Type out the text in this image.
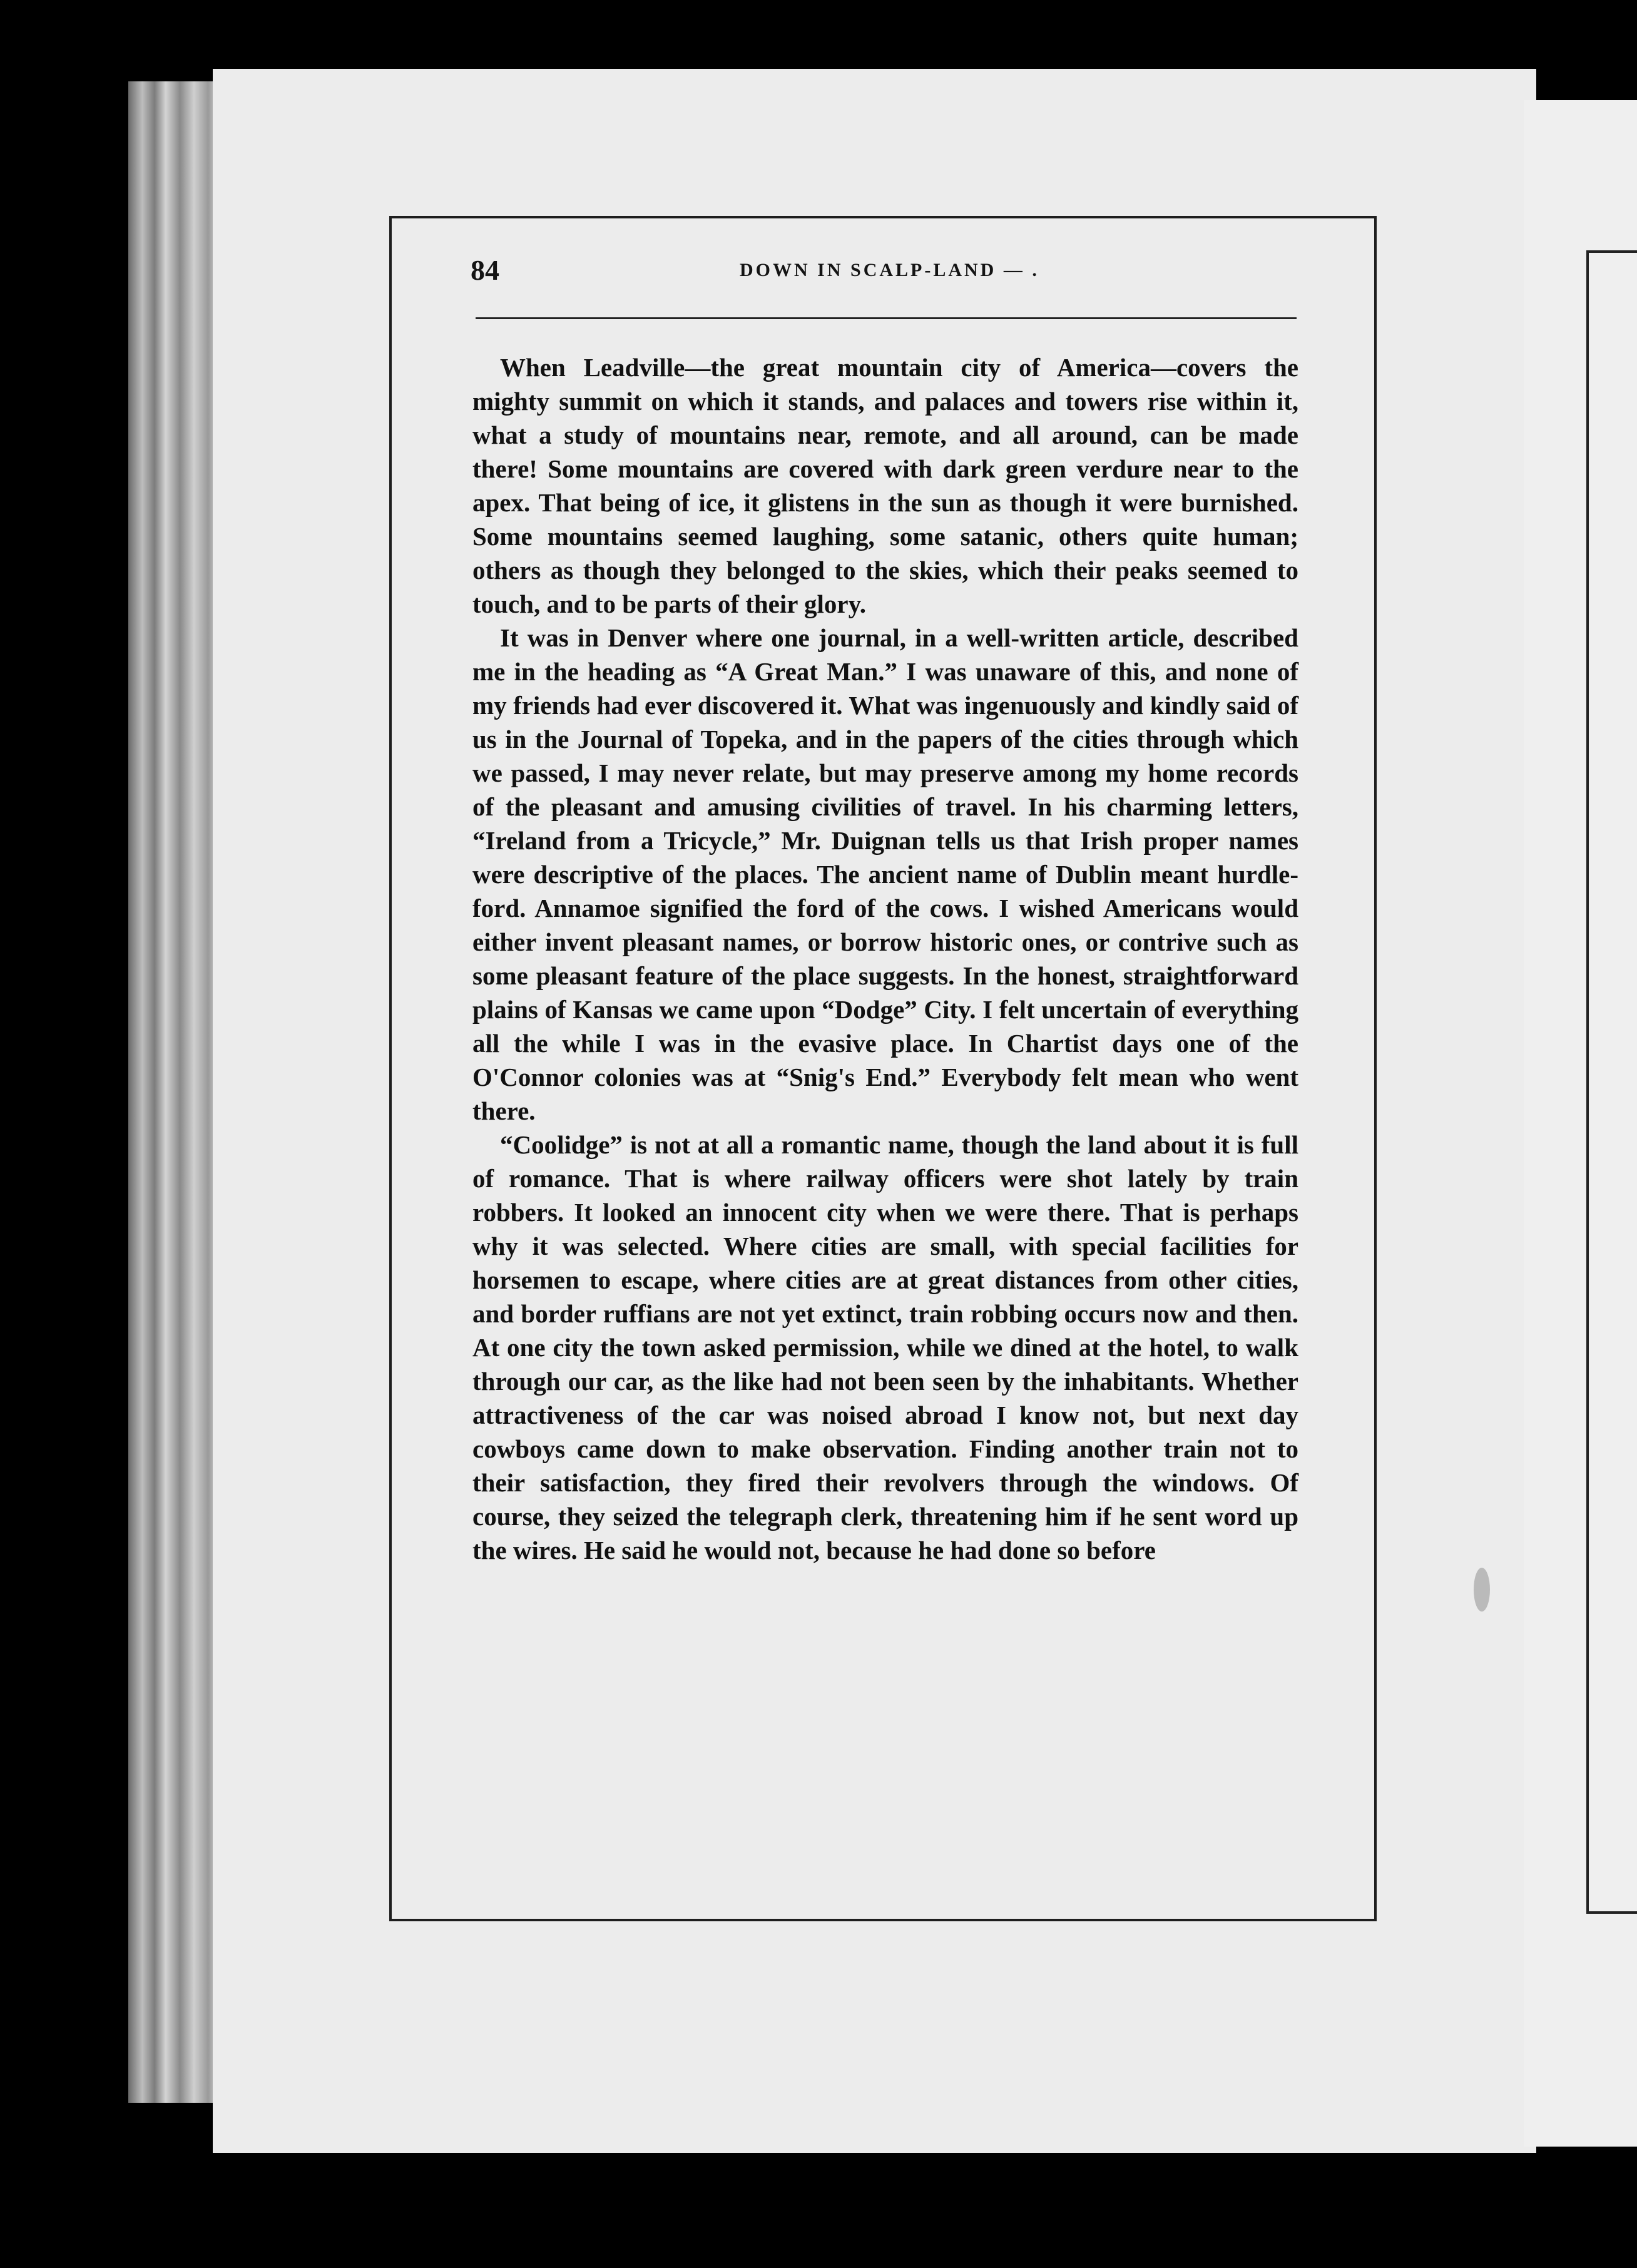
84	DOWN IN SCALP-LAND — .

When Leadville—the great mountain city of America—covers the mighty summit on which it stands, and palaces and towers rise within it, what a study of mountains near, remote, and all around, can be made there! Some mountains are covered with dark green verdure near to the apex. That being of ice, it glistens in the sun as though it were burnished. Some mountains seemed laughing, some satanic, others quite human; others as though they belonged to the skies, which their peaks seemed to touch, and to be parts of their glory.

It was in Denver where one journal, in a well-written article, described me in the heading as “A Great Man.” I was unaware of this, and none of my friends had ever discovered it. What was ingenuously and kindly said of us in the Journal of Topeka, and in the papers of the cities through which we passed, I may never relate, but may preserve among my home records of the pleasant and amusing civilities of travel. In his charming letters, “Ireland from a Tricycle,” Mr. Duignan tells us that Irish proper names were descriptive of the places. The ancient name of Dublin meant hurdle-ford. Annamoe signified the ford of the cows. I wished Americans would either invent pleasant names, or borrow historic ones, or contrive such as some pleasant feature of the place suggests. In the honest, straightforward plains of Kansas we came upon “Dodge” City. I felt uncertain of everything all the while I was in the evasive place. In Chartist days one of the O'Connor colonies was at “Snig's End.” Everybody felt mean who went there.

“Coolidge” is not at all a romantic name, though the land about it is full of romance. That is where railway officers were shot lately by train robbers. It looked an innocent city when we were there. That is perhaps why it was selected. Where cities are small, with special facilities for horsemen to escape, where cities are at great distances from other cities, and border ruffians are not yet extinct, train robbing occurs now and then. At one city the town asked permission, while we dined at the hotel, to walk through our car, as the like had not been seen by the inhabitants. Whether attractiveness of the car was noised abroad I know not, but next day cowboys came down to make observation. Finding another train not to their satisfaction, they fired their revolvers through the windows. Of course, they seized the telegraph clerk, threatening him if he sent word up the wires. He said he would not, because he had done so before
